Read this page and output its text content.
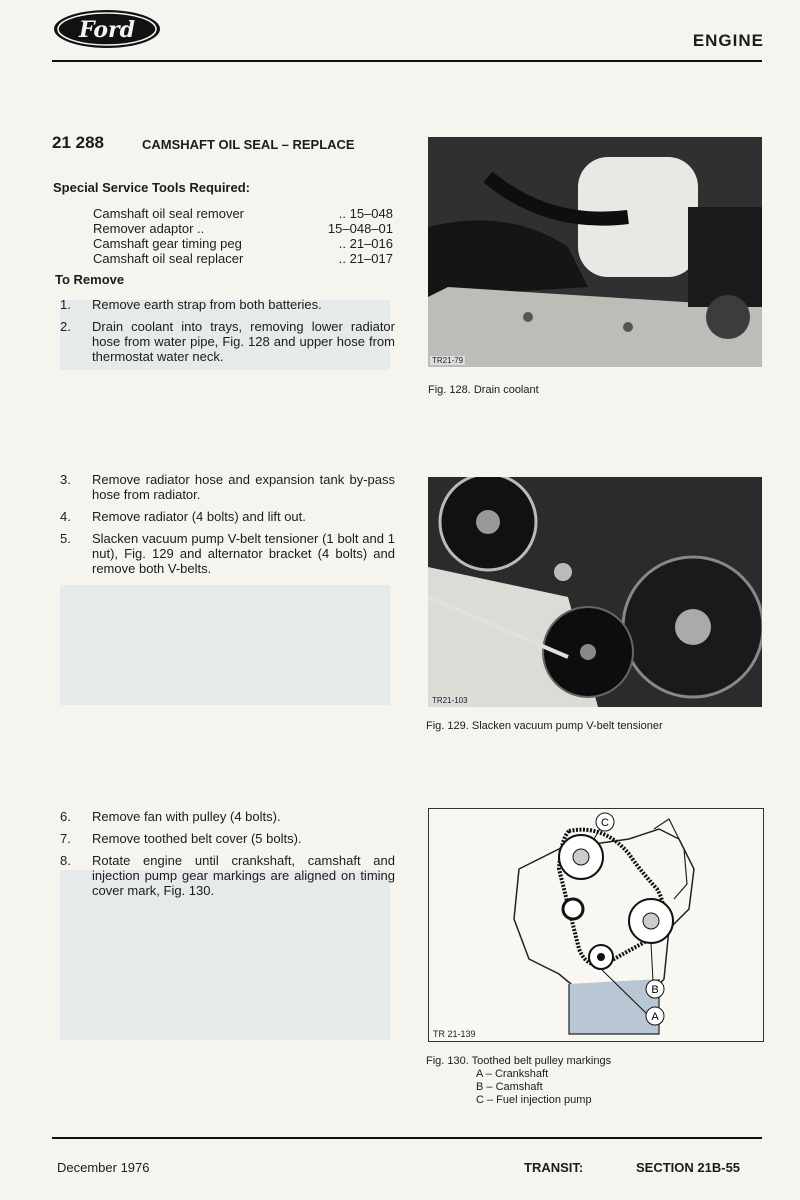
Ford	ENGINE
21 288	CAMSHAFT OIL SEAL – REPLACE
Special Service Tools Required:
Camshaft oil seal remover	.. 15–048
Remover adaptor ..	15–048–01
Camshaft gear timing peg	.. 21–016
Camshaft oil seal replacer	.. 21–017
To Remove
1.	Remove earth strap from both batteries.
2.	Drain coolant into trays, removing lower radiator hose from water pipe, Fig. 128 and upper hose from thermostat water neck.
3.	Remove radiator hose and expansion tank by-pass hose from radiator.
4.	Remove radiator (4 bolts) and lift out.
5.	Slacken vacuum pump V-belt tensioner (1 bolt and 1 nut), Fig. 129 and alternator bracket (4 bolts) and remove both V-belts.
6.	Remove fan with pulley (4 bolts).
7.	Remove toothed belt cover (5 bolts).
8.	Rotate engine until crankshaft, camshaft and injection pump gear markings are aligned on timing cover mark, Fig. 130.
TR21-79
Fig. 128. Drain coolant
TR21-103
Fig. 129. Slacken vacuum pump V-belt tensioner
C
B
A
TR 21-139
Fig. 130. Toothed belt pulley markings
A – Crankshaft
B – Camshaft
C – Fuel injection pump
December 1976	TRANSIT:	SECTION 21B-55
